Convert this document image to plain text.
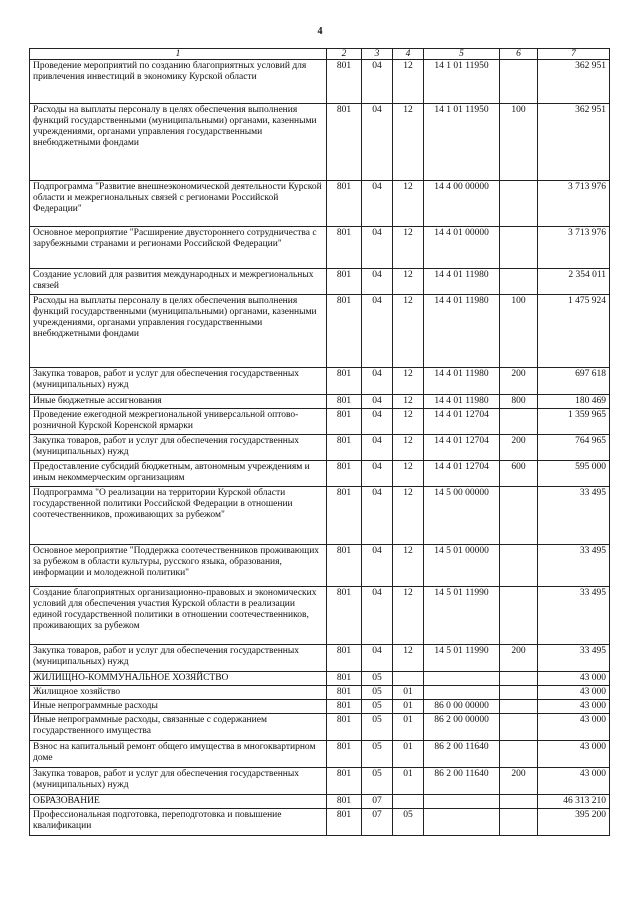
4
1	2	3	4	5	6	7
Проведение мероприятий по созданию благоприятных условий для привлечения инвестиций в экономику Курской области	801	04	12	14 1 01 11950		362 951
Расходы на выплаты персоналу в целях обеспечения выполнения функций государственными (муниципальными) органами, казенными учреждениями, органами управления государственными внебюджетными фондами	801	04	12	14 1 01 11950	100	362 951
Подпрограмма "Развитие внешнеэкономической деятельности Курской области и межрегиональных связей с регионами Российской Федерации"	801	04	12	14 4 00 00000		3 713 976
Основное мероприятие "Расширение двустороннего сотрудничества с зарубежными странами и регионами Российской Федерации"	801	04	12	14 4 01 00000		3 713 976
Создание условий для развития международных и межрегиональных связей	801	04	12	14 4 01 11980		2 354 011
Расходы на выплаты персоналу в целях обеспечения выполнения функций государственными (муниципальными) органами, казенными учреждениями, органами управления государственными внебюджетными фондами	801	04	12	14 4 01 11980	100	1 475 924
Закупка товаров, работ и услуг для обеспечения государственных (муниципальных) нужд	801	04	12	14 4 01 11980	200	697 618
Иные бюджетные ассигнования	801	04	12	14 4 01 11980	800	180 469
Проведение ежегодной межрегиональной универсальной оптово-розничной Курской Коренской ярмарки	801	04	12	14 4 01 12704		1 359 965
Закупка товаров, работ и услуг для обеспечения государственных (муниципальных) нужд	801	04	12	14 4 01 12704	200	764 965
Предоставление субсидий бюджетным, автономным учреждениям и иным некоммерческим организациям	801	04	12	14 4 01 12704	600	595 000
Подпрограмма "О реализации на территории Курской области государственной политики Российской Федерации в отношении соотечественников, проживающих за рубежом"	801	04	12	14 5 00 00000		33 495
Основное мероприятие "Поддержка соотечественников проживающих за рубежом в области культуры, русского языка, образования, информации и молодежной политики"	801	04	12	14 5 01 00000		33 495
Создание благоприятных организационно-правовых и экономических условий для обеспечения участия Курской области в реализации единой государственной политики в отношении соотечественников, проживающих за рубежом	801	04	12	14 5 01 11990		33 495
Закупка товаров, работ и услуг для обеспечения государственных (муниципальных) нужд	801	04	12	14 5 01 11990	200	33 495
ЖИЛИЩНО-КОММУНАЛЬНОЕ ХОЗЯЙСТВО	801	05				43 000
Жилищное хозяйство	801	05	01			43 000
Иные непрограммные расходы	801	05	01	86 0 00 00000		43 000
Иные непрограммные расходы, связанные с содержанием государственного имущества	801	05	01	86 2 00 00000		43 000
Взнос на капитальный ремонт общего имущества в многоквартирном доме	801	05	01	86 2 00 11640		43 000
Закупка товаров, работ и услуг для обеспечения государственных (муниципальных) нужд	801	05	01	86 2 00 11640	200	43 000
ОБРАЗОВАНИЕ	801	07				46 313 210
Профессиональная подготовка, переподготовка и повышение квалификации	801	07	05			395 200
